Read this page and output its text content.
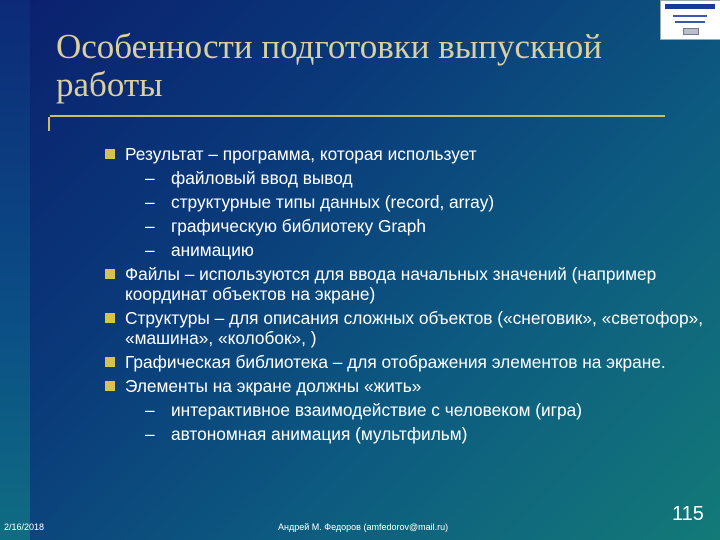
Особенности подготовки выпускной работы
Результат – программа, которая использует
– файловый ввод вывод
– структурные типы данных (record, array)
– графическую библиотеку Graph
– анимацию
Файлы – используются для ввода начальных значений (например координат объектов на экране)
Структуры – для описания сложных объектов («снеговик», «светофор», «машина», «колобок», )
Графическая библиотека – для отображения элементов на экране.
Элементы на экране должны «жить»
– интерактивное взаимодействие с человеком (игра)
– автономная анимация (мультфильм)
2/16/2018	Андрей М. Федоров (amfedorov@mail.ru)
115
